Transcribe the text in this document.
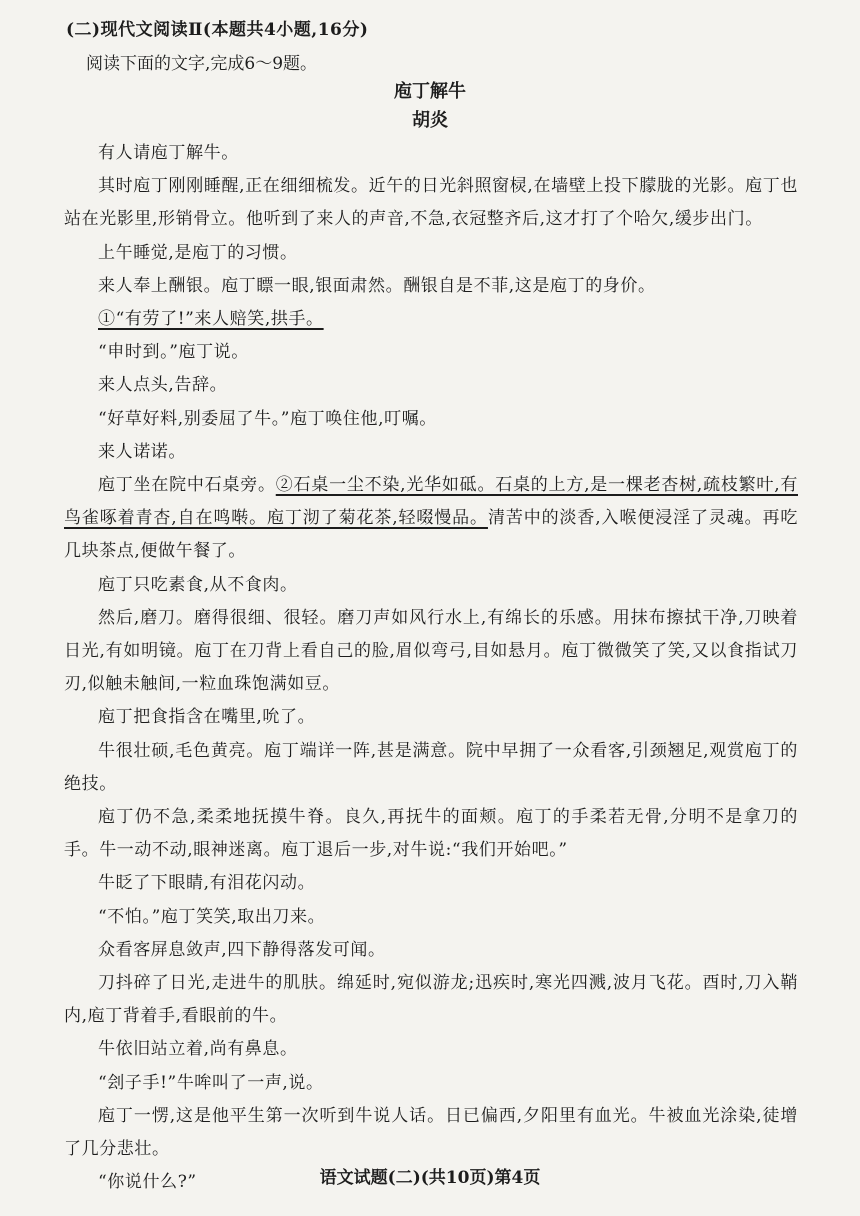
(二)现代文阅读Ⅱ(本题共4小题,16分)
阅读下面的文字,完成6～9题。
庖丁解牛
胡炎

有人请庖丁解牛。

其时庖丁刚刚睡醒,正在细细梳发。近午的日光斜照窗棂,在墙壁上投下朦胧的光影。庖丁也站在光影里,形销骨立。他听到了来人的声音,不急,衣冠整齐后,这才打了个哈欠,缓步出门。

上午睡觉,是庖丁的习惯。

来人奉上酬银。庖丁瞟一眼,银面肃然。酬银自是不菲,这是庖丁的身价。

①“有劳了!”来人赔笑,拱手。

“申时到。”庖丁说。

来人点头,告辞。

“好草好料,别委屈了牛。”庖丁唤住他,叮嘱。

来人诺诺。

庖丁坐在院中石桌旁。②石桌一尘不染,光华如砥。石桌的上方,是一棵老杏树,疏枝繁叶,有鸟雀啄着青杏,自在鸣啭。庖丁沏了菊花茶,轻啜慢品。清苦中的淡香,入喉便浸淫了灵魂。再吃几块茶点,便做午餐了。

庖丁只吃素食,从不食肉。

然后,磨刀。磨得很细、很轻。磨刀声如风行水上,有绵长的乐感。用抹布擦拭干净,刀映着日光,有如明镜。庖丁在刀背上看自己的脸,眉似弯弓,目如悬月。庖丁微微笑了笑,又以食指试刀刃,似触未触间,一粒血珠饱满如豆。

庖丁把食指含在嘴里,吮了。

牛很壮硕,毛色黄亮。庖丁端详一阵,甚是满意。院中早拥了一众看客,引颈翘足,观赏庖丁的绝技。

庖丁仍不急,柔柔地抚摸牛脊。良久,再抚牛的面颊。庖丁的手柔若无骨,分明不是拿刀的手。牛一动不动,眼神迷离。庖丁退后一步,对牛说:“我们开始吧。”

牛眨了下眼睛,有泪花闪动。

“不怕。”庖丁笑笑,取出刀来。

众看客屏息敛声,四下静得落发可闻。

刀抖碎了日光,走进牛的肌肤。绵延时,宛似游龙;迅疾时,寒光四溅,波月飞花。酉时,刀入鞘内,庖丁背着手,看眼前的牛。

牛依旧站立着,尚有鼻息。

“刽子手!”牛哞叫了一声,说。

庖丁一愣,这是他平生第一次听到牛说人话。日已偏西,夕阳里有血光。牛被血光涂染,徒增了几分悲壮。

“你说什么?”	语文试题(二)(共10页)第4页
